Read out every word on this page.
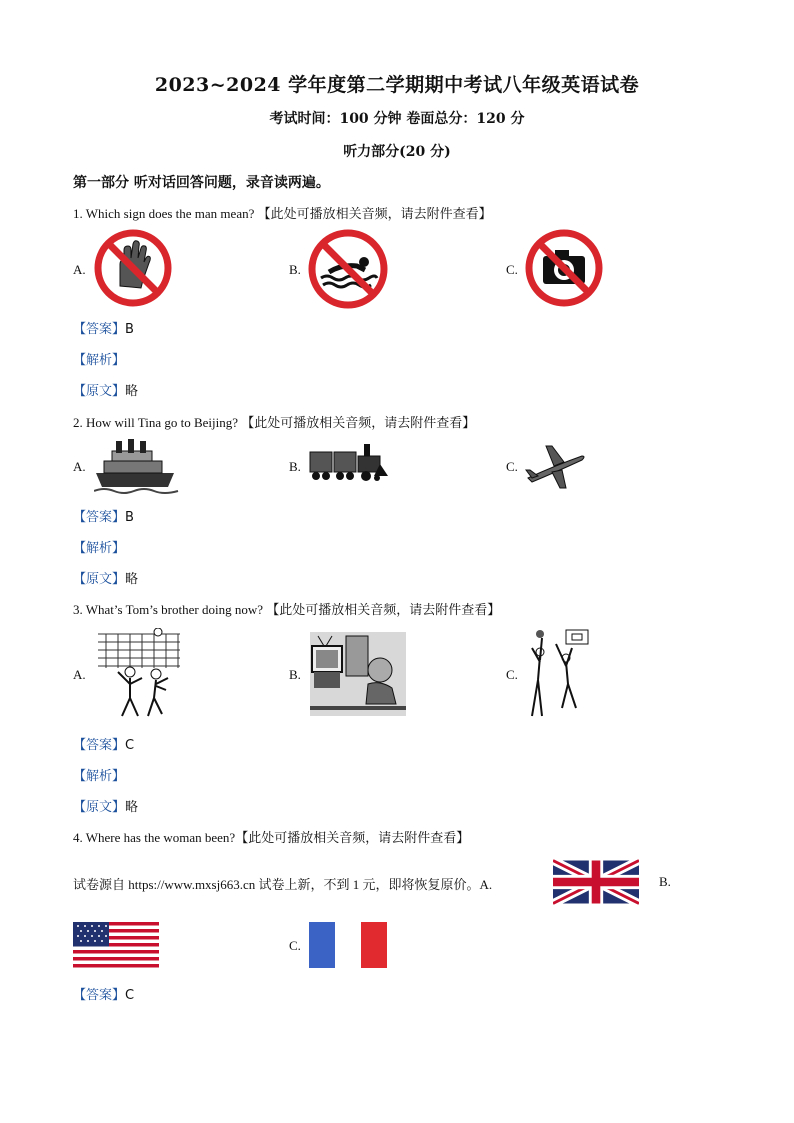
2023~2024 学年度第二学期期中考试八年级英语试卷
考试时间：100 分钟 卷面总分：120 分
听力部分(20 分)
第一部分 听对话回答问题，录音读两遍。
1. Which sign does the man mean? 【此处可播放相关音频，请去附件查看】
A.	B.	C.
【答案】B
【解析】
【原文】略
2. How will Tina go to Beijing? 【此处可播放相关音频，请去附件查看】
A.	B.	C.
【答案】B
【解析】
【原文】略
3. What’s Tom’s brother doing now? 【此处可播放相关音频，请去附件查看】
A.	B.	C.
【答案】C
【解析】
【原文】略
4. Where has the woman been?【此处可播放相关音频，请去附件查看】
试卷源自 https://www.mxsj663.cn 试卷上新，不到 1 元，即将恢复原价。A.	B.
C.
【答案】C
